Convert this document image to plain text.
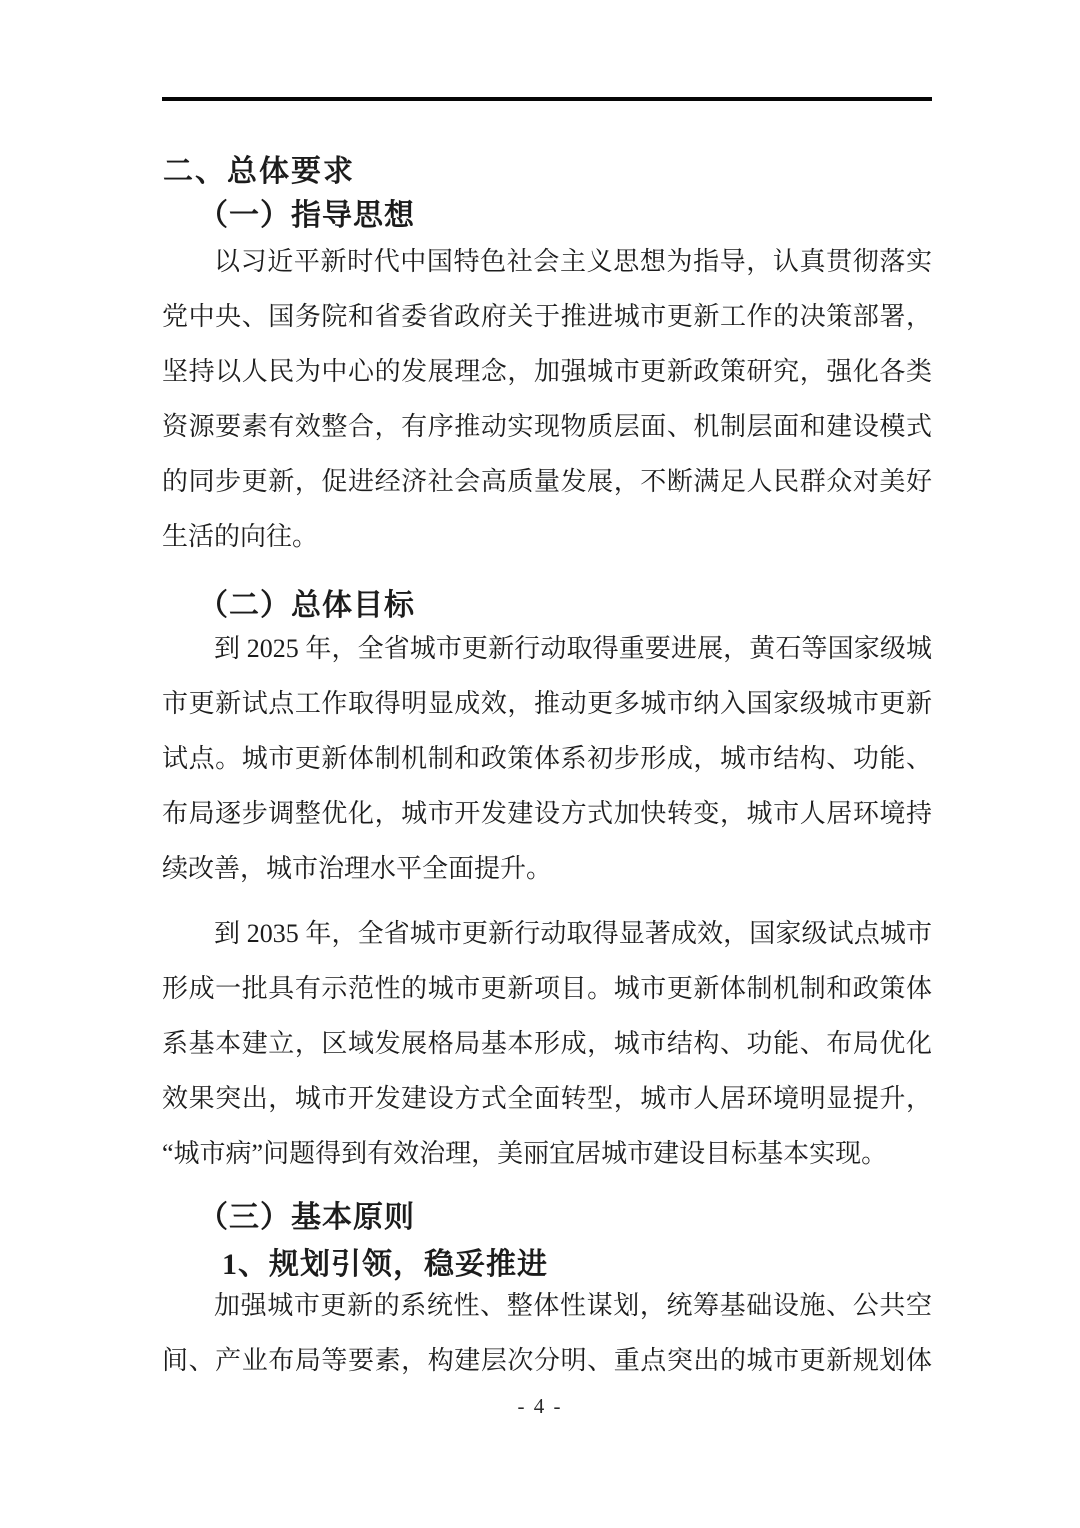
二、总体要求
（一）指导思想
以习近平新时代中国特色社会主义思想为指导，认真贯彻落实
党中央、国务院和省委省政府关于推进城市更新工作的决策部署，
坚持以人民为中心的发展理念，加强城市更新政策研究，强化各类
资源要素有效整合，有序推动实现物质层面、机制层面和建设模式
的同步更新，促进经济社会高质量发展，不断满足人民群众对美好
生活的向往。
（二）总体目标
到 2025 年，全省城市更新行动取得重要进展，黄石等国家级城
市更新试点工作取得明显成效，推动更多城市纳入国家级城市更新
试点。城市更新体制机制和政策体系初步形成，城市结构、功能、
布局逐步调整优化，城市开发建设方式加快转变，城市人居环境持
续改善，城市治理水平全面提升。
到 2035 年，全省城市更新行动取得显著成效，国家级试点城市
形成一批具有示范性的城市更新项目。城市更新体制机制和政策体
系基本建立，区域发展格局基本形成，城市结构、功能、布局优化
效果突出，城市开发建设方式全面转型，城市人居环境明显提升，
“城市病”问题得到有效治理，美丽宜居城市建设目标基本实现。
（三）基本原则
1、规划引领，稳妥推进
加强城市更新的系统性、整体性谋划，统筹基础设施、公共空
间、产业布局等要素，构建层次分明、重点突出的城市更新规划体
- 4 -
